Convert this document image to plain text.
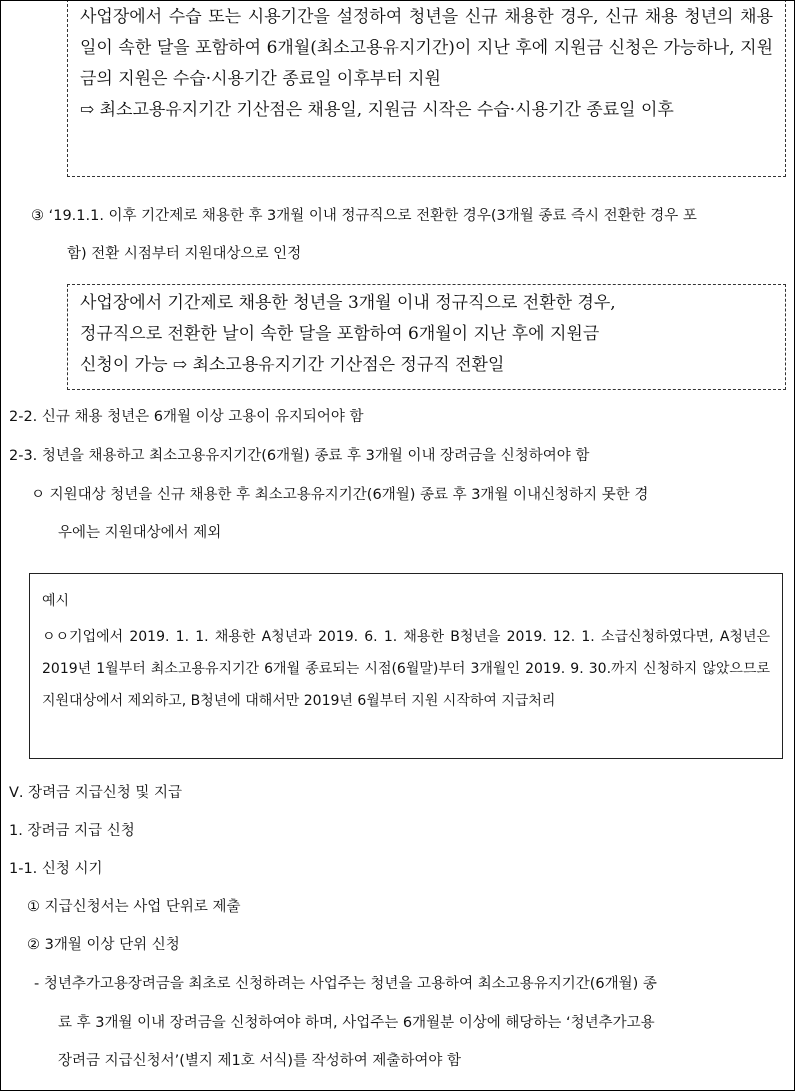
사업장에서 수습 또는 시용기간을 설정하여 청년을 신규 채용한 경우, 신규 채용 청년의 채용일이 속한 달을 포함하여 6개월(최소고용유지기간)이 지난 후에 지원금 신청은 가능하나, 지원금의 지원은 수습·시용기간 종료일 이후부터 지원

⇨ 최소고용유지기간 기산점은 채용일, 지원금 시작은 수습·시용기간 종료일 이후

③ ‘19.1.1. 이후 기간제로 채용한 후 3개월 이내 정규직으로 전환한 경우(3개월 종료 즉시 전환한 경우 포
함) 전환 시점부터 지원대상으로 인정

사업장에서 기간제로 채용한 청년을 3개월 이내 정규직으로 전환한 경우,

정규직으로 전환한 날이 속한 달을 포함하여 6개월이 지난 후에 지원금

신청이 가능 ⇨ 최소고용유지기간 기산점은 정규직 전환일

2-2. 신규 채용 청년은 6개월 이상 고용이 유지되어야 함
2-3. 청년을 채용하고 최소고용유지기간(6개월) 종료 후 3개월 이내 장려금을 신청하여야 함
ㅇ 지원대상 청년을 신규 채용한 후 최소고용유지기간(6개월) 종료 후 3개월 이내신청하지 못한 경
우에는 지원대상에서 제외

예시

ㅇㅇ기업에서 2019. 1. 1. 채용한 A청년과 2019. 6. 1. 채용한 B청년을 2019. 12. 1. 소급신청하였다면, A청년은 2019년 1월부터 최소고용유지기간 6개월 종료되는 시점(6월말)부터 3개월인 2019. 9. 30.까지 신청하지 않았으므로 지원대상에서 제외하고, B청년에 대해서만 2019년 6월부터 지원 시작하여 지급처리

Ⅴ. 장려금 지급신청 및 지급
1. 장려금 지급 신청
1-1. 신청 시기
① 지급신청서는 사업 단위로 제출
② 3개월 이상 단위 신청
- 청년추가고용장려금을 최초로 신청하려는 사업주는 청년을 고용하여 최소고용유지기간(6개월) 종
료 후 3개월 이내 장려금을 신청하여야 하며, 사업주는 6개월분 이상에 해당하는 ‘청년추가고용
장려금 지급신청서’(별지 제1호 서식)를 작성하여 제출하여야 함
